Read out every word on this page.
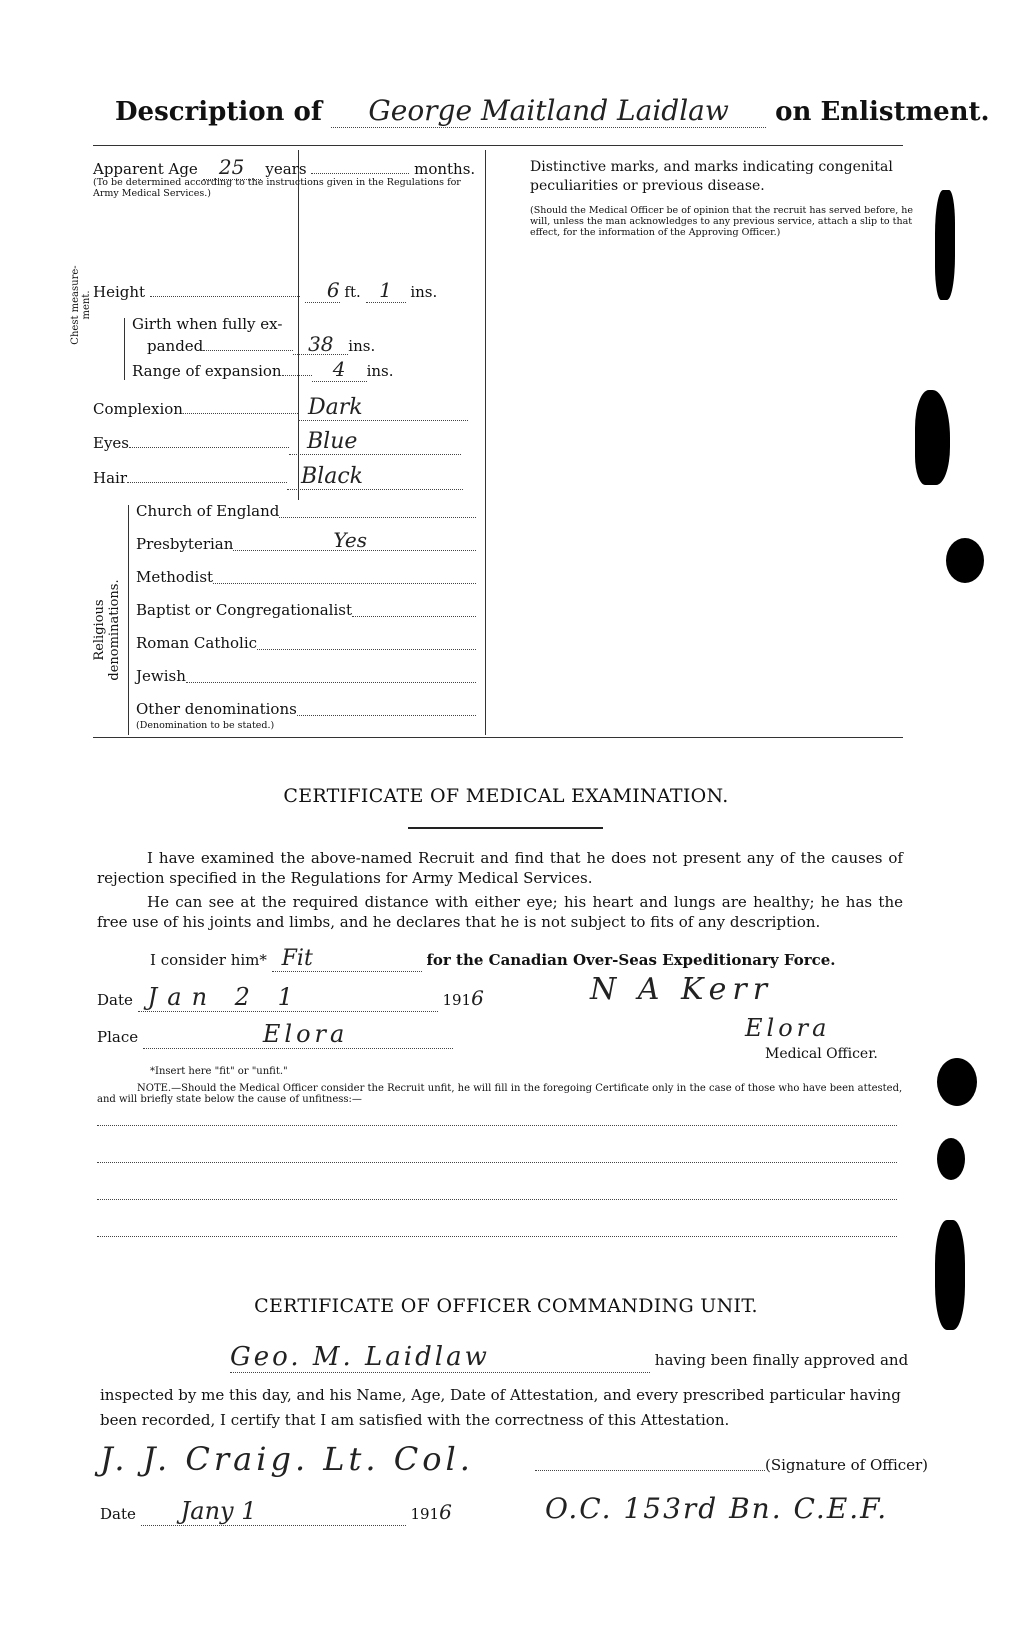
Description of George Maitland Laidlaw on Enlistment.
Apparent Age 25 years	months.
(To be determined according to the instructions given in the Regulations for Army Medical Services.)
Height	6 ft. 1 ins.
Chest measure-ment.
Girth when fully ex-
panded	38 ins.
Range of expansion	4 ins.
Complexion	Dark
Eyes	Blue
Hair	Black
Religious denominations.
Church of England
Presbyterian	Yes
Methodist
Baptist or Congregationalist
Roman Catholic
Jewish
Other denominations
(Denomination to be stated.)
Distinctive marks, and marks indicating congenital peculiarities or previous disease.
(Should the Medical Officer be of opinion that the recruit has served before, he will, unless the man acknowledges to any previous service, attach a slip to that effect, for the information of the Approving Officer.)
CERTIFICATE OF MEDICAL EXAMINATION.
I have examined the above-named Recruit and find that he does not present any of the causes of rejection specified in the Regulations for Army Medical Services.
He can see at the required distance with either eye; his heart and lungs are healthy; he has the free use of his joints and limbs, and he declares that he is not subject to fits of any description.
I consider him* Fit	for the Canadian Over-Seas Expeditionary Force.
Date Jan 2 1	1916	N A Kerr
Place	Elora	Elora
Medical Officer.
*Insert here "fit" or "unfit."
NOTE.—Should the Medical Officer consider the Recruit unfit, he will fill in the foregoing Certificate only in the case of those who have been attested, and will briefly state below the cause of unfitness:—
CERTIFICATE OF OFFICER COMMANDING UNIT.
Geo. M. Laidlaw	having been finally approved and
inspected by me this day, and his Name, Age, Date of Attestation, and every prescribed particular having
been recorded, I certify that I am satisfied with the correctness of this Attestation.
J. J. Craig. Lt. Col.	(Signature of Officer)
Date Jany 1	1916	O.C. 153rd Bn. C.E.F.
